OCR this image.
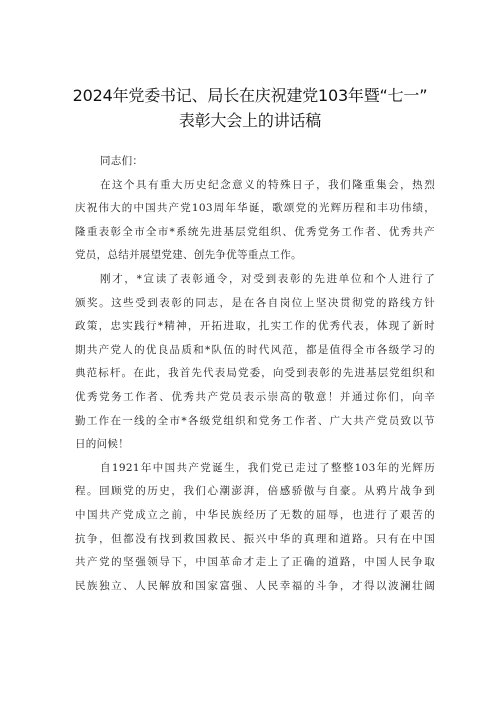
2024年党委书记、局长在庆祝建党103年暨“七一”
表彰大会上的讲话稿
同志们：
在这个具有重大历史纪念意义的特殊日子，我们隆重集会，热烈
庆祝伟大的中国共产党103周年华诞，歌颂党的光辉历程和丰功伟绩，
隆重表彰全市全市*系统先进基层党组织、优秀党务工作者、优秀共产
党员，总结并展望党建、创先争优等重点工作。
刚才，*宣读了表彰通令，对受到表彰的先进单位和个人进行了
颁奖。这些受到表彰的同志，是在各自岗位上坚决贯彻党的路线方针
政策，忠实践行*精神，开拓进取，扎实工作的优秀代表，体现了新时
期共产党人的优良品质和*队伍的时代风范，都是值得全市各级学习的
典范标杆。在此，我首先代表局党委，向受到表彰的先进基层党组织和
优秀党务工作者、优秀共产党员表示崇高的敬意！并通过你们，向辛
勤工作在一线的全市*各级党组织和党务工作者、广大共产党员致以节
日的问候！
自1921年中国共产党诞生，我们党已走过了整整103年的光辉历
程。回顾党的历史，我们心潮澎湃，倍感骄傲与自豪。从鸦片战争到
中国共产党成立之前，中华民族经历了无数的屈辱，也进行了艰苦的
抗争，但都没有找到救国救民、振兴中华的真理和道路。只有在中国
共产党的坚强领导下，中国革命才走上了正确的道路，中国人民争取
民族独立、人民解放和国家富强、人民幸福的斗争，才得以波澜壮阔
